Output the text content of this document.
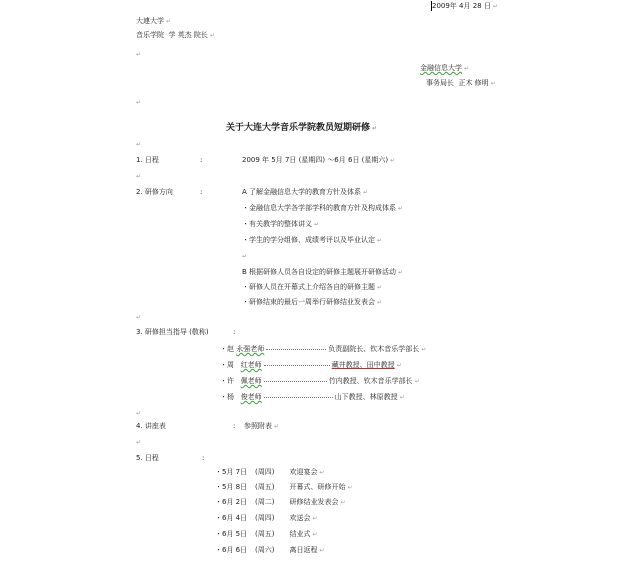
2009年 4月 28 日 ↵
大連大学 ↵
音乐学院 学 英杰 院长 ↵
↵
金融信息大学 ↵
事务局长 正木 修明 ↵
↵
关于大连大学音乐学院教员短期研修 ↵
↵
1. 日程	:	2009 年 5月 7日 (星期四) ～6月 6日 (星期六) ↵
↵
2. 研修方向	:	A 了解金融信息大学的教育方针及体系 ↵
・金融信息大学各学部学科的教育方针及构成体系 ↵
・有关教学的整体讲义 ↵
・学生的学分组修、成绩考评以及毕业认定 ↵
↵
B 根据研修人员各自设定的研修主题展开研修活动 ↵
・研修人员在开幕式上介绍各自的研修主题 ↵
・研修结束的最后一周举行研修结业发表会 ↵
↵
3. 研修担当指导 (敬称)	:
・赵 永强老师	负责副院长、钦木音乐学部长 ↵
・周 红老师	藏井教授、田中教授 ↵
・许 佩老师	竹内教授、钦木音乐学部长 ↵
・杨 俊老师	山下教授、林原教授 ↵
↵
4. 讲座表	: 参照附表 ↵
↵
5. 日程	:
・5月 7日 (周四) 欢迎宴会 ↵
・5月 8日 (周五) 开幕式、研修开始 ↵
・6月 2日 (周二) 研修结业发表会 ↵
・6月 4日 (周四) 欢送会 ↵
・6月 5日 (周五) 结业式 ↵
・6月 6日 (周六) 离日返程 ↵
